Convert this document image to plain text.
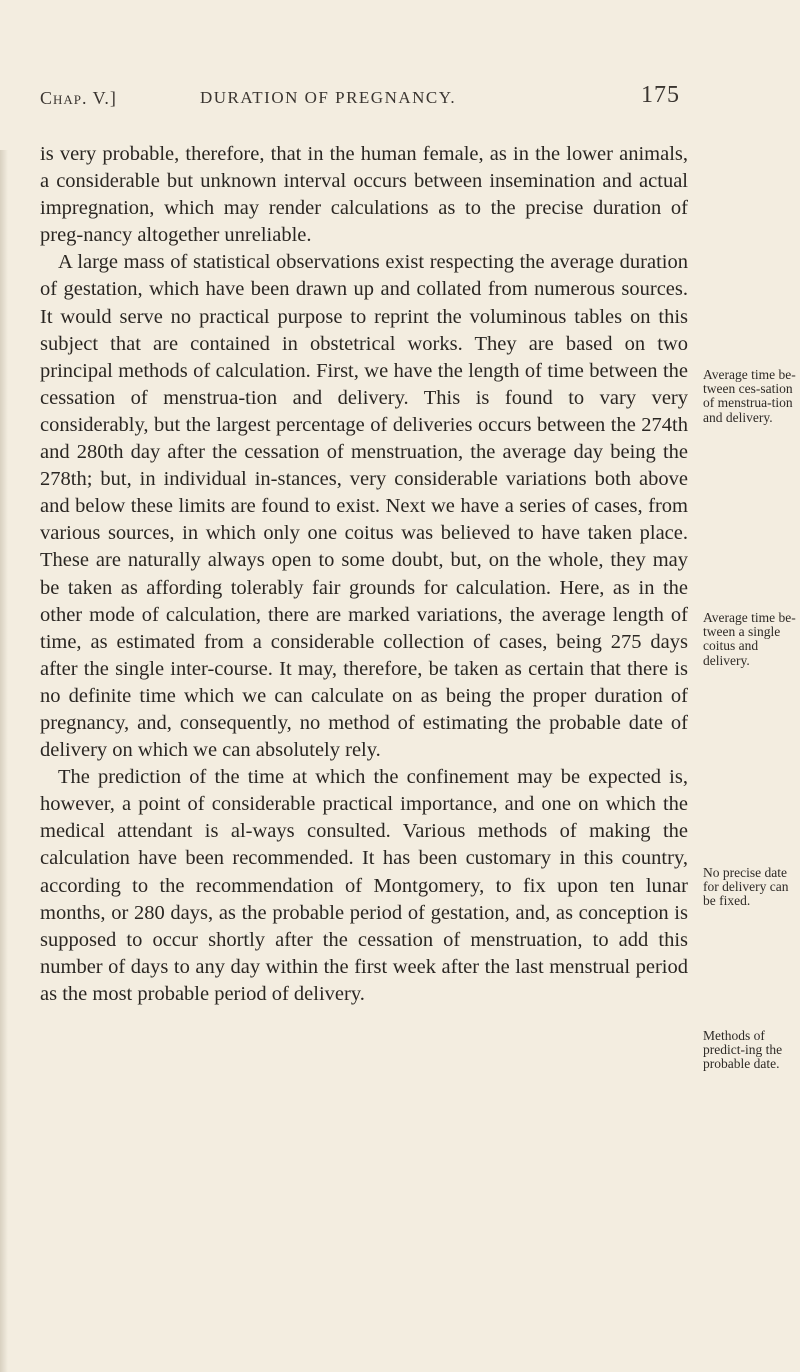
Chap. V.]	DURATION OF PREGNANCY.	175

is very probable, therefore, that in the human female, as in the lower animals, a considerable but unknown interval occurs between insemination and actual impregnation, which may render calculations as to the precise duration of preg-nancy altogether unreliable.

A large mass of statistical observations exist respecting the average duration of gestation, which have been drawn up and collated from numerous sources. It would serve no practical purpose to reprint the voluminous tables on this subject that are contained in obstetrical works. They are based on two principal methods of calculation. First, we have the length of time between the cessation of menstrua-tion and delivery. This is found to vary very considerably, but the largest percentage of deliveries occurs between the 274th and 280th day after the cessation of menstruation, the average day being the 278th; but, in individual in-stances, very considerable variations both above and below these limits are found to exist. Next we have a series of cases, from various sources, in which only one coitus was believed to have taken place. These are naturally always open to some doubt, but, on the whole, they may be taken as affording tolerably fair grounds for calculation. Here, as in the other mode of calculation, there are marked variations, the average length of time, as estimated from a considerable collection of cases, being 275 days after the single inter-course. It may, therefore, be taken as certain that there is no definite time which we can calculate on as being the proper duration of pregnancy, and, consequently, no method of estimating the probable date of delivery on which we can absolutely rely.

The prediction of the time at which the confinement may be expected is, however, a point of considerable practical importance, and one on which the medical attendant is al-ways consulted. Various methods of making the calculation have been recommended. It has been customary in this country, according to the recommendation of Montgomery, to fix upon ten lunar months, or 280 days, as the probable period of gestation, and, as conception is supposed to occur shortly after the cessation of menstruation, to add this number of days to any day within the first week after the last menstrual period as the most probable period of delivery.

Average time be-tween ces-sation of menstrua-tion and delivery.
Average time be-tween a single coitus and delivery.
No precise date for delivery can be fixed.
Methods of predict-ing the probable date.
